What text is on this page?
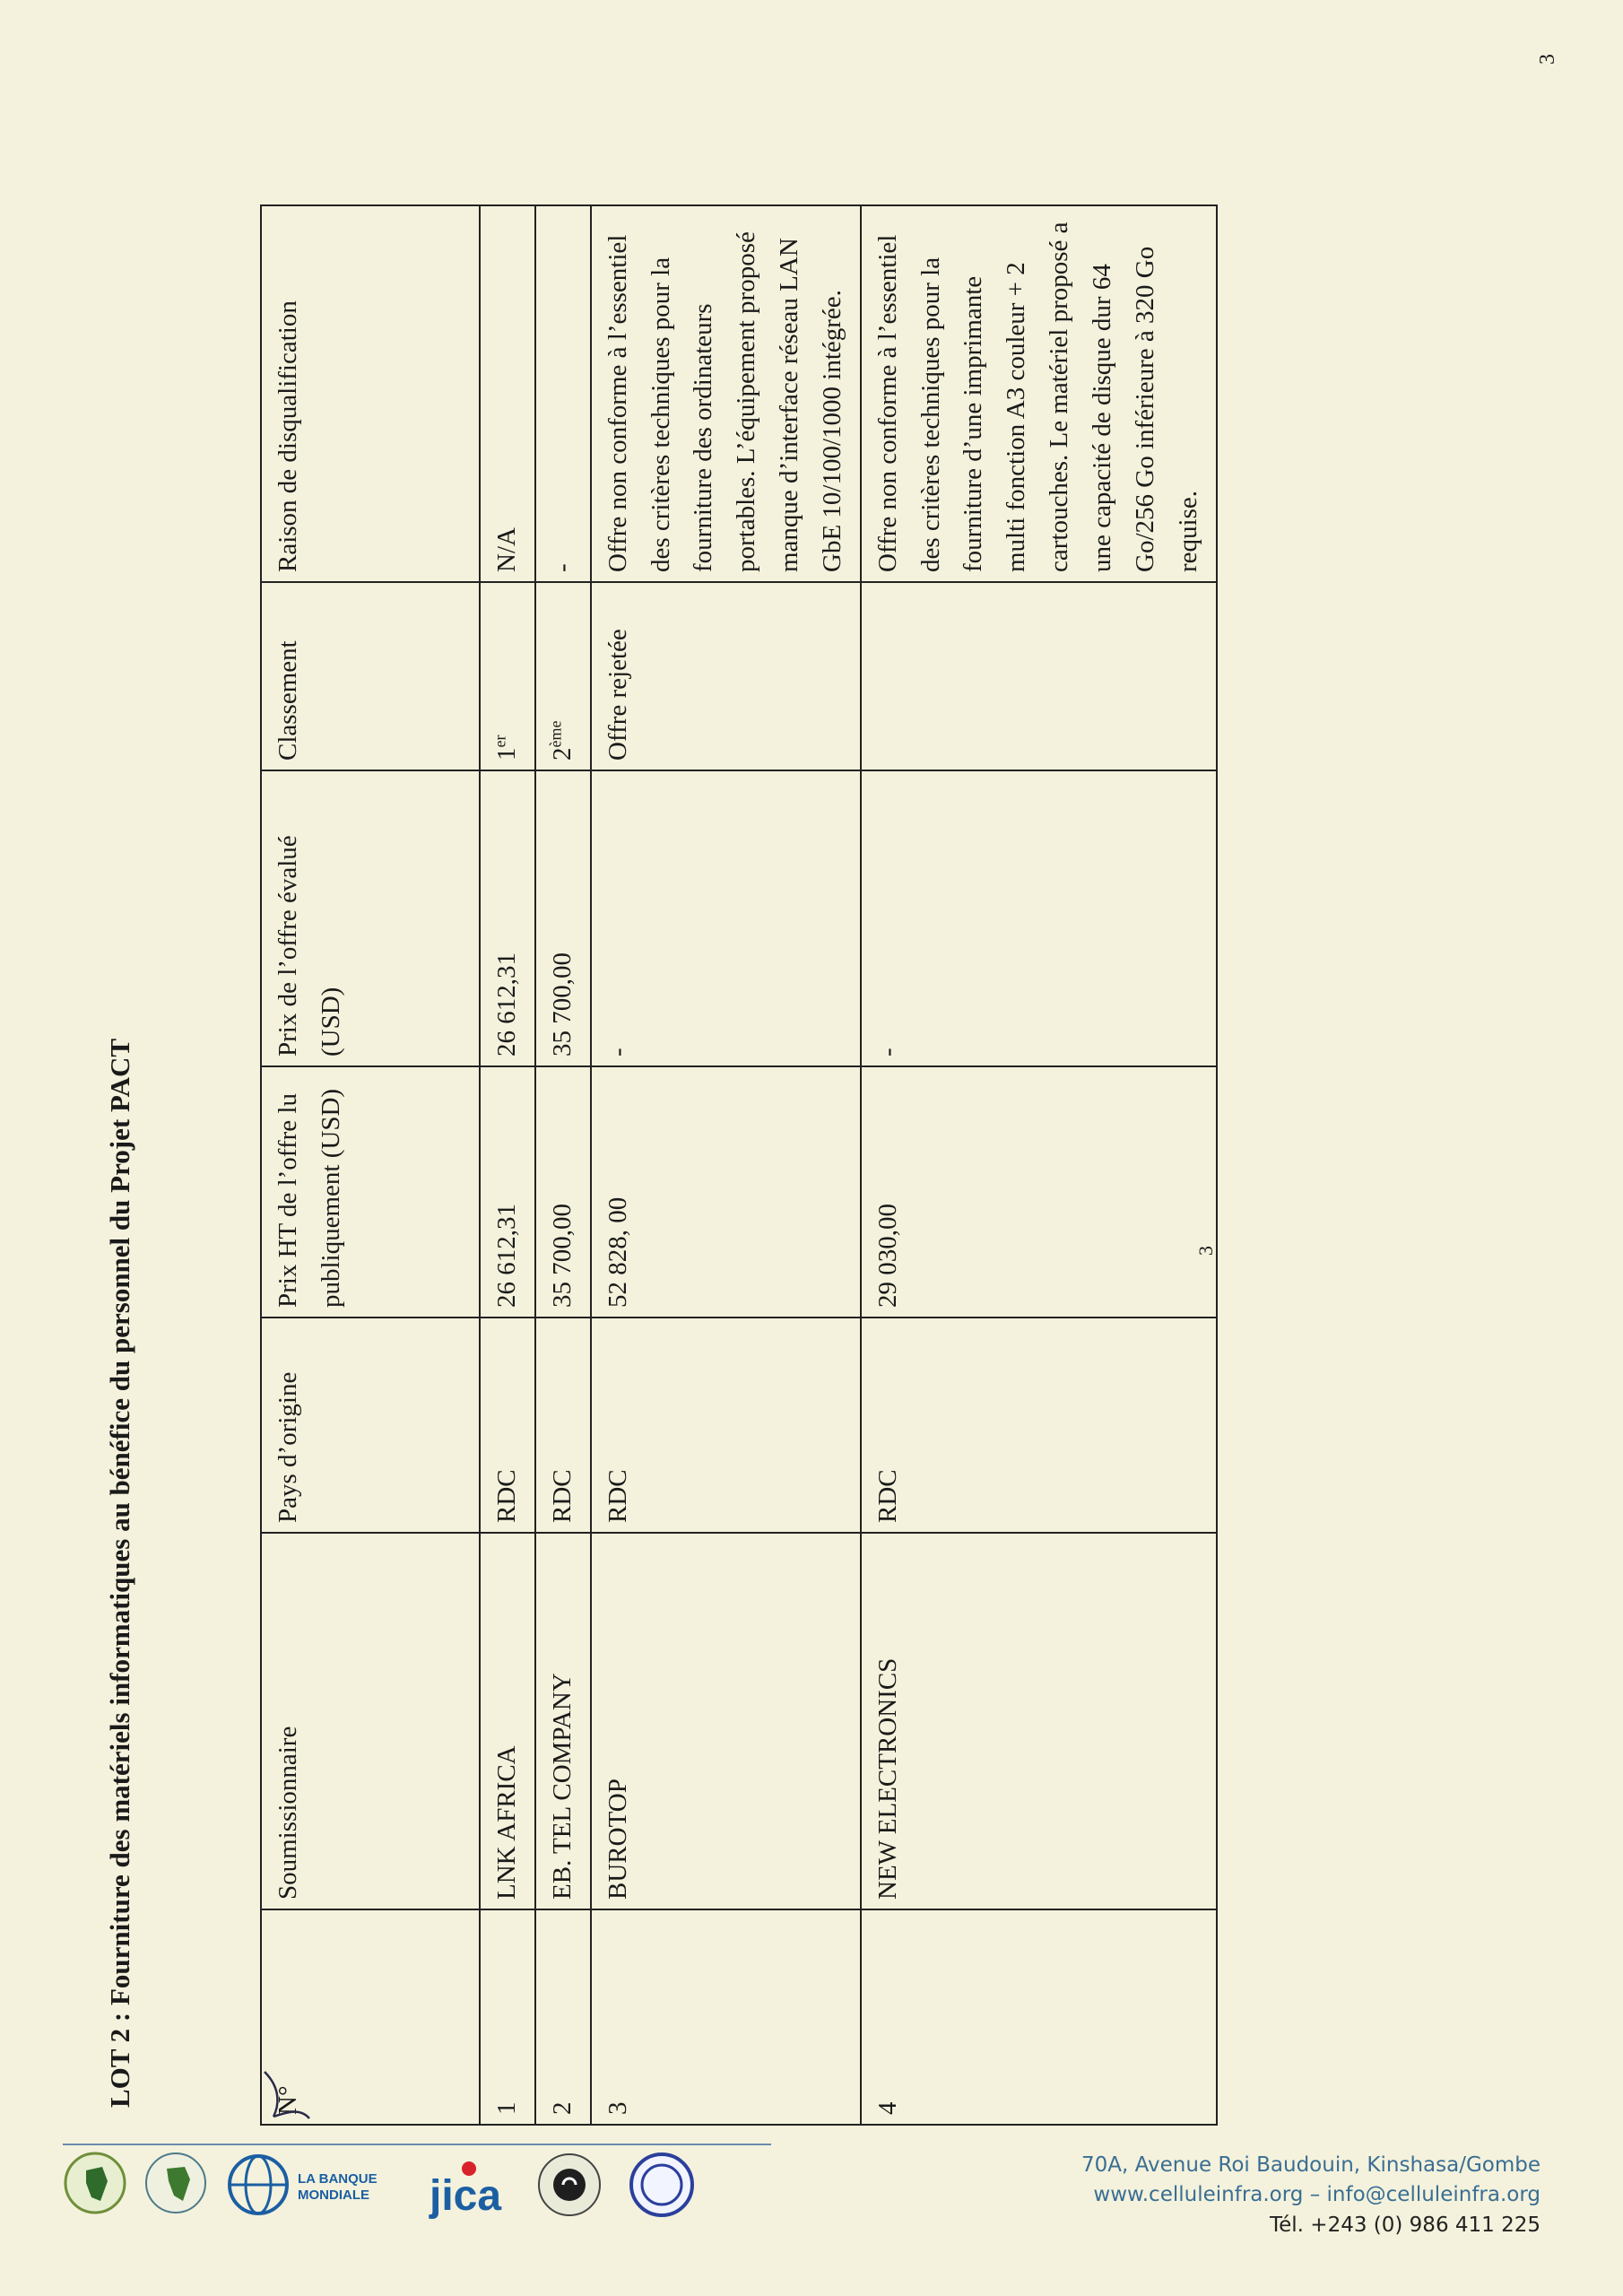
3
LOT 2 : Fourniture des matériels informatiques au bénéfice du personnel du Projet PACT	N°	Soumissionnaire	Pays d’origine	Prix HT de l’offre lu publiquement (USD)	Prix de l’offre évalué (USD)	Classement	Raison de disqualification
1	LNK AFRICA	RDC	26 612,31	26 612,31	1er	N/A
2	EB. TEL COMPANY	RDC	35 700,00	35 700,00	2ème	-
3	BUROTOP	RDC	52 828, 00	-	Offre rejetée	Offre non conforme à l’essentiel des critères techniques pour la fourniture des ordinateurs portables. L’équipement proposé manque d’interface réseau LAN GbE 10/100/1000 intégrée.
4	NEW ELECTRONICS	RDC	29 030,00	-		Offre non conforme à l’essentiel des critères techniques pour la fourniture d’une imprimante multi fonction A3 couleur + 2 cartouches. Le matériel proposé a une capacité de disque dur 64 Go/256 Go inférieure à 320 Go requise.
3
LA BANQUE
MONDIALE jica
70A, Avenue Roi Baudouin, Kinshasa/Gombe
www.celluleinfra.org – info@celluleinfra.org
Tél. +243 (0) 986 411 225
